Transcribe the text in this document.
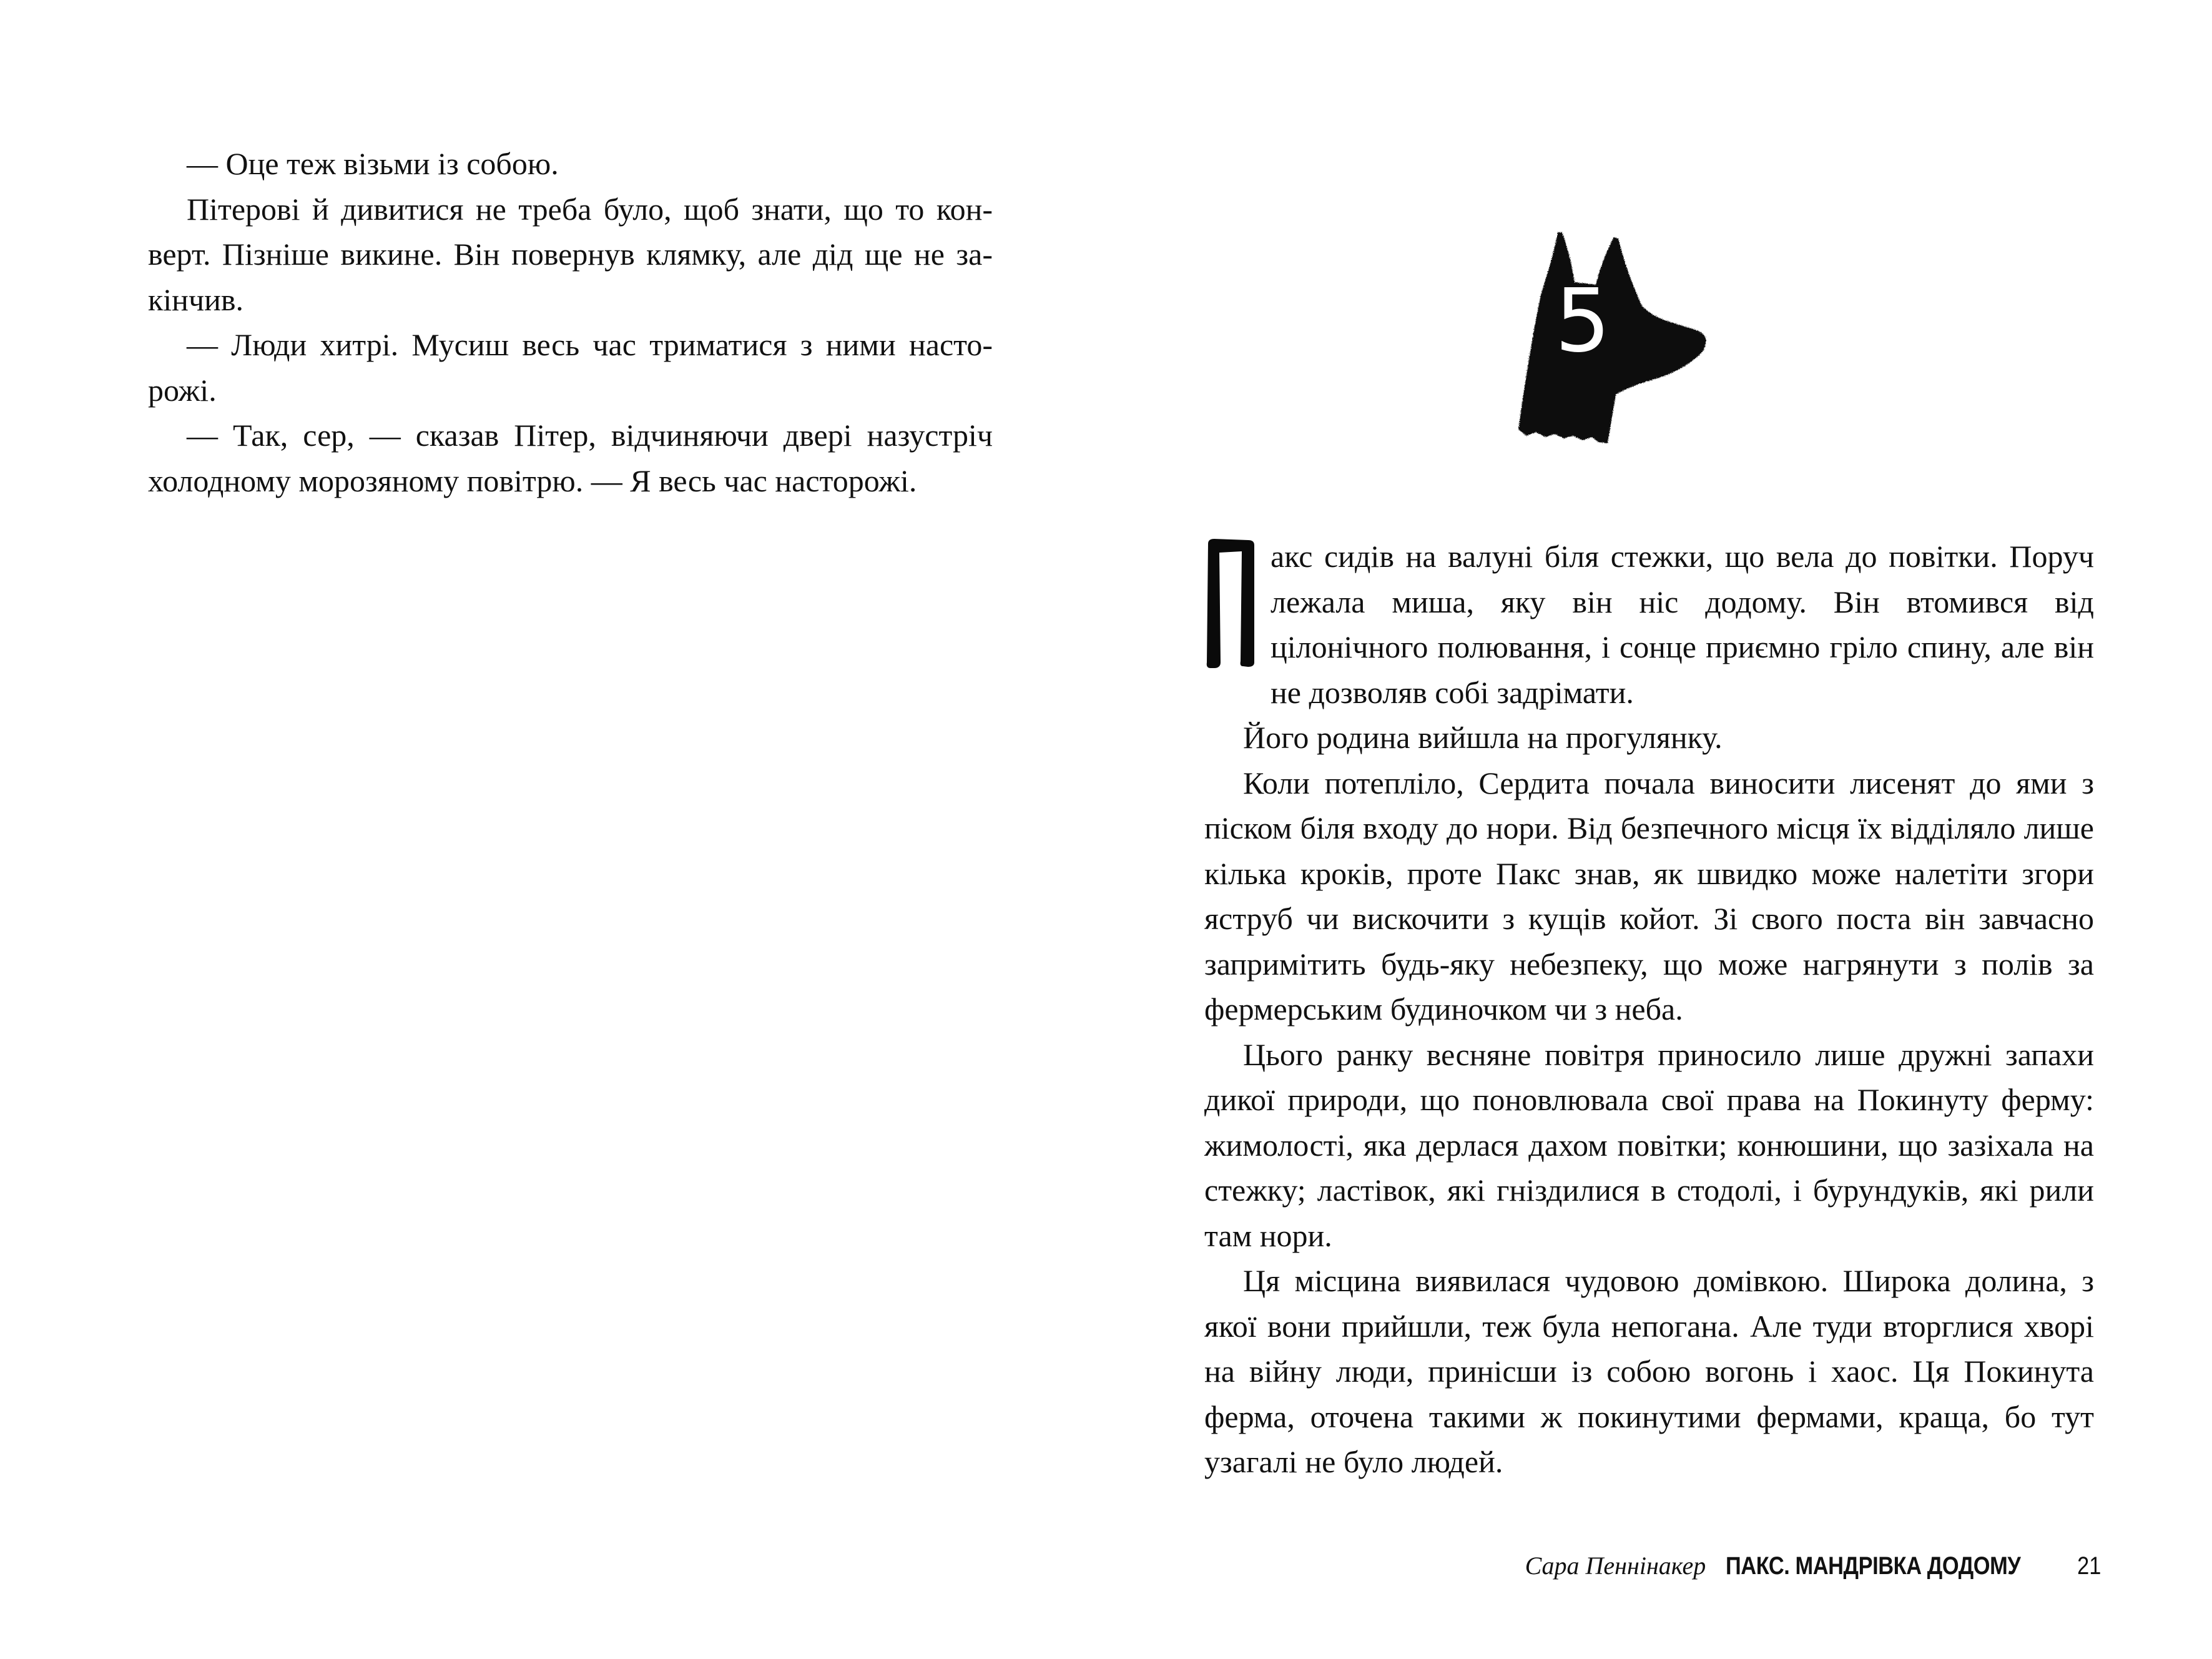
— Оце теж візьми із собою.

Пітерові й дивитися не треба було, щоб знати, що то конверт. Пізніше викине. Він повернув клямку, але дід ще не закінчив.

— Люди хитрі. Мусиш весь час триматися з ними насторожі.

— Так, сер, — сказав Пітер, відчиняючи двері назустріч холодному морозяному повітрю. — Я весь час насторожі.

5

акс сидів на валуні біля стежки, що вела до повітки. Поруч лежала миша, яку він ніс додому. Він втомився від цілонічного полювання, і сонце приємно гріло спину, але він не дозволяв собі задрімати.

Його родина вийшла на прогулянку.

Коли потепліло, Сердита почала виносити лисенят до ями з піском біля входу до нори. Від безпечного місця їх відділяло лише кілька кроків, проте Пакс знав, як швидко може налетіти згори яструб чи вискочити з кущів койот. Зі свого поста він завчасно запримітить будь-яку небезпеку, що може нагрянути з полів за фермерським будиночком чи з неба.

Цього ранку весняне повітря приносило лише дружні запахи дикої природи, що поновлювала свої права на Покинуту ферму: жимолості, яка дерлася дахом повітки; конюшини, що зазіхала на стежку; ластівок, які гніздилися в стодолі, і бурундуків, які рили там нори.

Ця місцина виявилася чудовою домівкою. Широка долина, з якої вони прийшли, теж була непогана. Але туди вторглися хворі на війну люди, принісши із собою вогонь і хаос. Ця Покинута ферма, оточена такими ж покинутими фермами, краща, бо тут узагалі не було людей.

Сара Пеннінакер ПАКС. МАНДРІВКА ДОДОМУ 21
